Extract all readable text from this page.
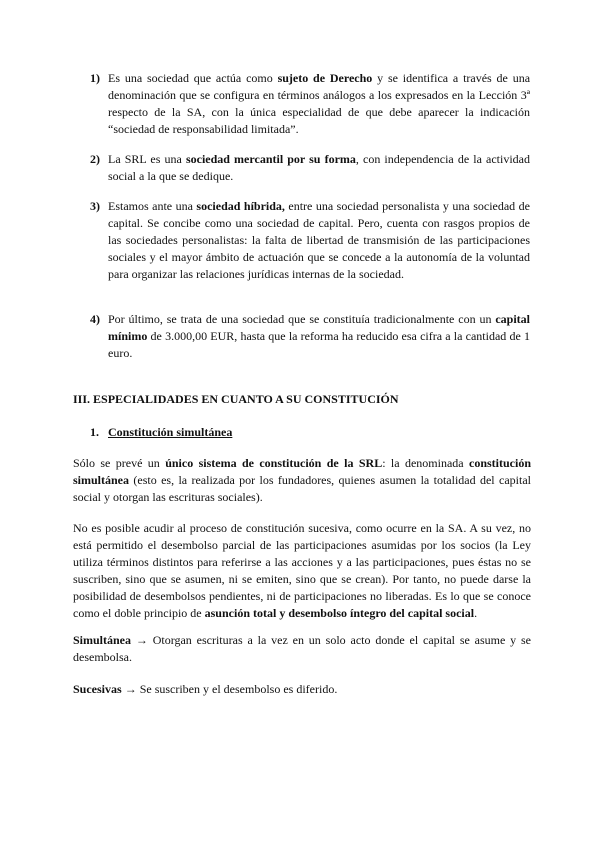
1) Es una sociedad que actúa como sujeto de Derecho y se identifica a través de una denominación que se configura en términos análogos a los expresados en la Lección 3ª respecto de la SA, con la única especialidad de que debe aparecer la indicación “sociedad de responsabilidad limitada”.
2) La SRL es una sociedad mercantil por su forma, con independencia de la actividad social a la que se dedique.
3) Estamos ante una sociedad híbrida, entre una sociedad personalista y una sociedad de capital. Se concibe como una sociedad de capital. Pero, cuenta con rasgos propios de las sociedades personalistas: la falta de libertad de transmisión de las participaciones sociales y el mayor ámbito de actuación que se concede a la autonomía de la voluntad para organizar las relaciones jurídicas internas de la sociedad.
4) Por último, se trata de una sociedad que se constituía tradicionalmente con un capital mínimo de 3.000,00 EUR, hasta que la reforma ha reducido esa cifra a la cantidad de 1 euro.
III. ESPECIALIDADES EN CUANTO A SU CONSTITUCIÓN
1. Constitución simultánea
Sólo se prevé un único sistema de constitución de la SRL: la denominada constitución simultánea (esto es, la realizada por los fundadores, quienes asumen la totalidad del capital social y otorgan las escrituras sociales).
No es posible acudir al proceso de constitución sucesiva, como ocurre en la SA. A su vez, no está permitido el desembolso parcial de las participaciones asumidas por los socios (la Ley utiliza términos distintos para referirse a las acciones y a las participaciones, pues éstas no se suscriben, sino que se asumen, ni se emiten, sino que se crean). Por tanto, no puede darse la posibilidad de desembolsos pendientes, ni de participaciones no liberadas. Es lo que se conoce como el doble principio de asunción total y desembolso íntegro del capital social.
Simultánea → Otorgan escrituras a la vez en un solo acto donde el capital se asume y se desembolsa.
Sucesivas → Se suscriben y el desembolso es diferido.
